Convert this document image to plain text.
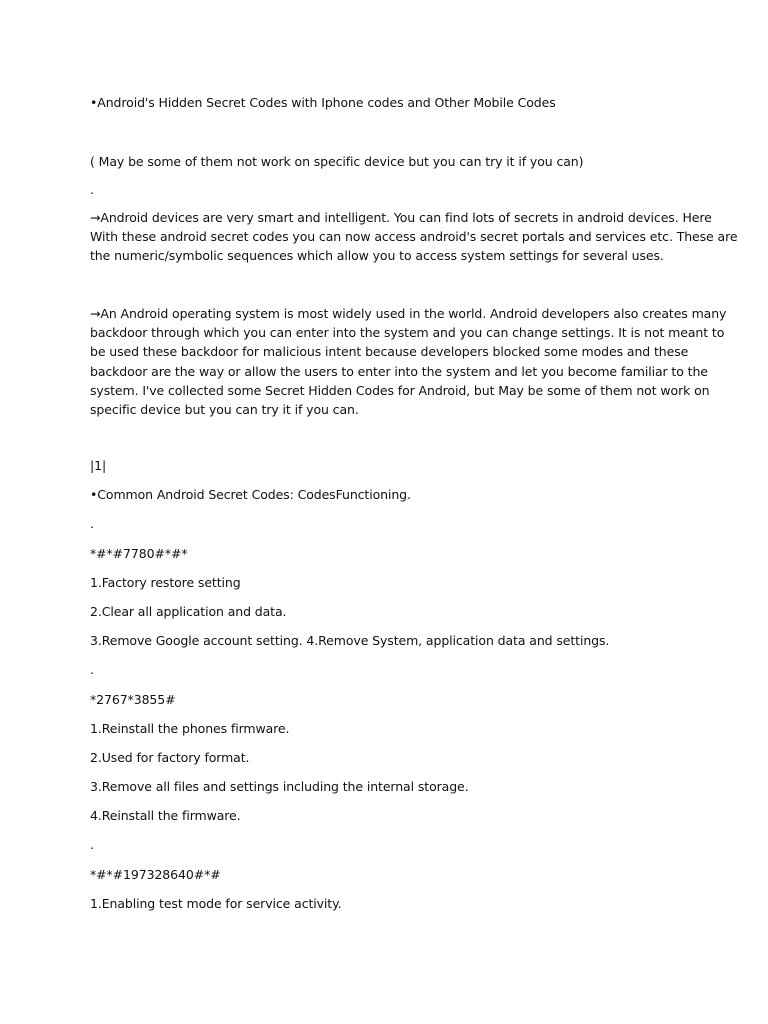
•Android's Hidden Secret Codes with Iphone codes and Other Mobile Codes

( May be some of them not work on specific device but you can try it if you can)

.

→Android devices are very smart and intelligent. You can find lots of secrets in android devices. Here
With these android secret codes you can now access android's secret portals and services etc. These are
the numeric/symbolic sequences which allow you to access system settings for several uses.
→An Android operating system is most widely used in the world. Android developers also creates many
backdoor through which you can enter into the system and you can change settings. It is not meant to
be used these backdoor for malicious intent because developers blocked some modes and these
backdoor are the way or allow the users to enter into the system and let you become familiar to the
system. I've collected some Secret Hidden Codes for Android, but May be some of them not work on
specific device but you can try it if you can.

|1|

•Common Android Secret Codes: CodesFunctioning.

.

*#*#7780#*#*

1.Factory restore setting

2.Clear all application and data.

3.Remove Google account setting. 4.Remove System, application data and settings.

.

*2767*3855#

1.Reinstall the phones firmware.

2.Used for factory format.

3.Remove all files and settings including the internal storage.

4.Reinstall the firmware.

.

*#*#197328640#*#

1.Enabling test mode for service activity.
